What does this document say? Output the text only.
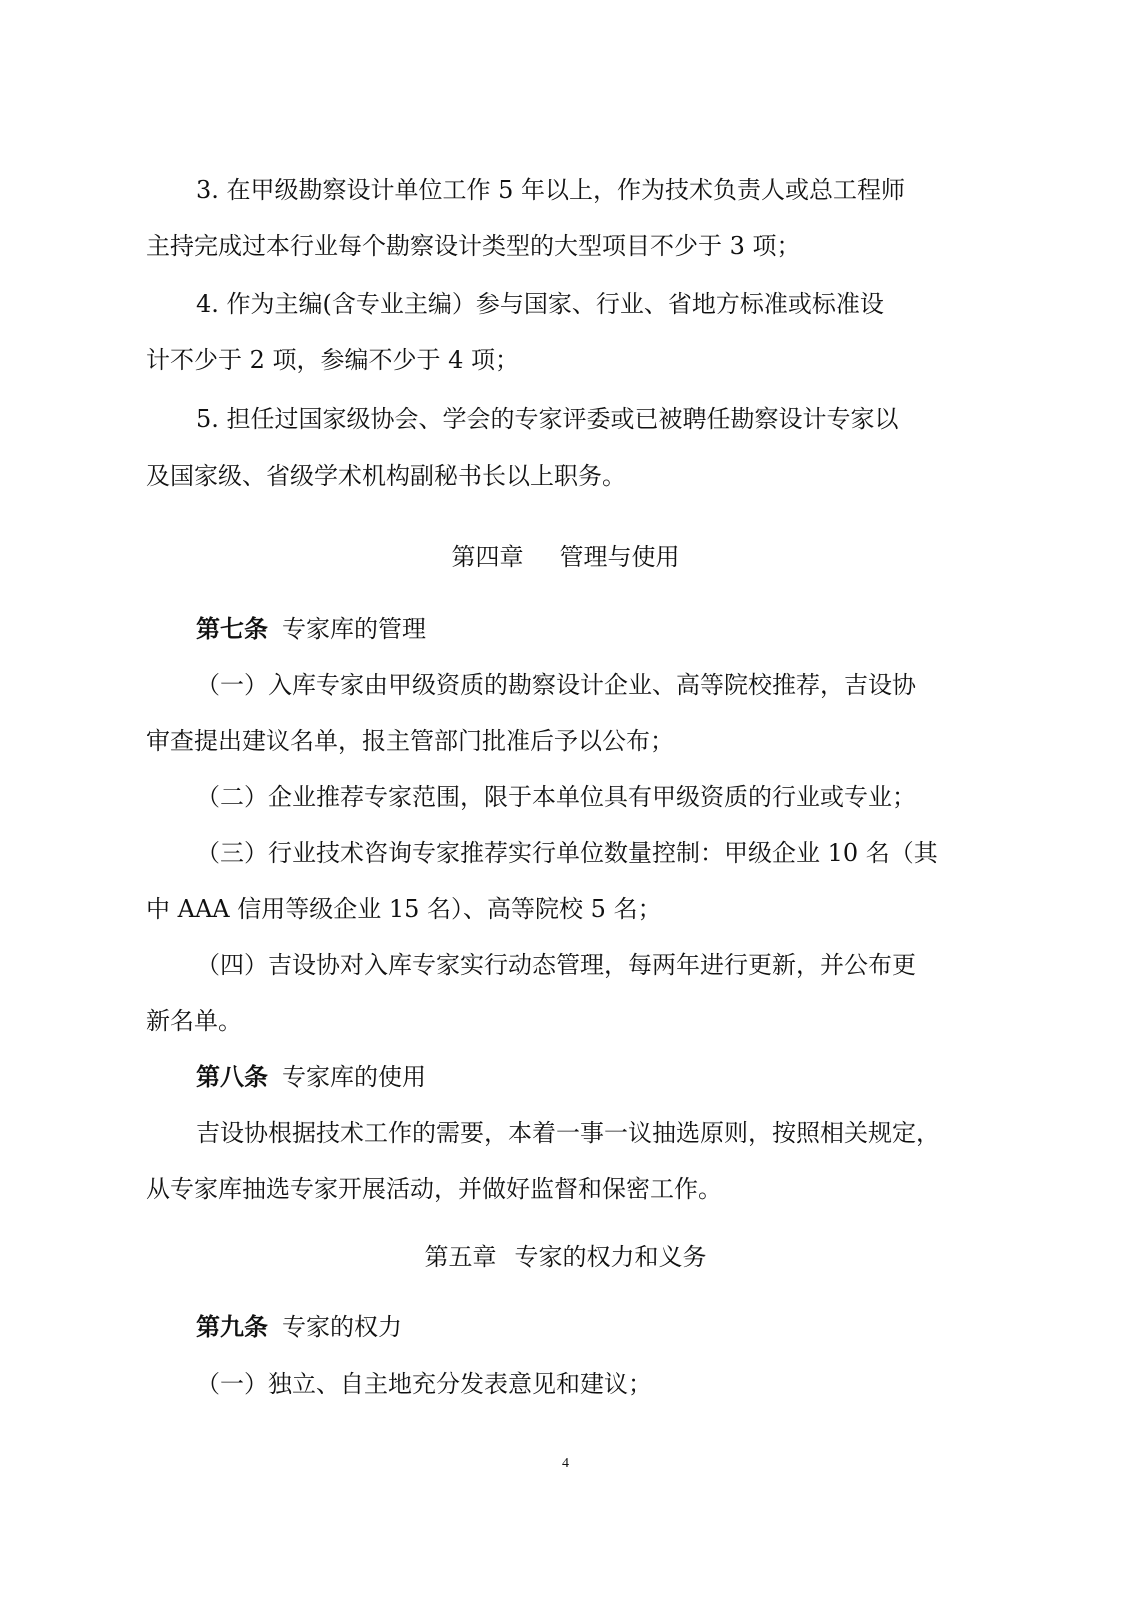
3. 在甲级勘察设计单位工作 5 年以上，作为技术负责人或总工程师
主持完成过本行业每个勘察设计类型的大型项目不少于 3 项；
4. 作为主编(含专业主编）参与国家、行业、省地方标准或标准设
计不少于 2 项，参编不少于 4 项；
5. 担任过国家级协会、学会的专家评委或已被聘任勘察设计专家以
及国家级、省级学术机构副秘书长以上职务。
第四章 管理与使用
第七条 专家库的管理
（一）入库专家由甲级资质的勘察设计企业、高等院校推荐，吉设协
审查提出建议名单，报主管部门批准后予以公布；
（二）企业推荐专家范围，限于本单位具有甲级资质的行业或专业；
（三）行业技术咨询专家推荐实行单位数量控制：甲级企业 10 名（其
中 AAA 信用等级企业 15 名）、高等院校 5 名；
（四）吉设协对入库专家实行动态管理，每两年进行更新，并公布更
新名单。
第八条 专家库的使用
吉设协根据技术工作的需要，本着一事一议抽选原则，按照相关规定，
从专家库抽选专家开展活动，并做好监督和保密工作。
第五章 专家的权力和义务
第九条 专家的权力
（一）独立、自主地充分发表意见和建议；
4
